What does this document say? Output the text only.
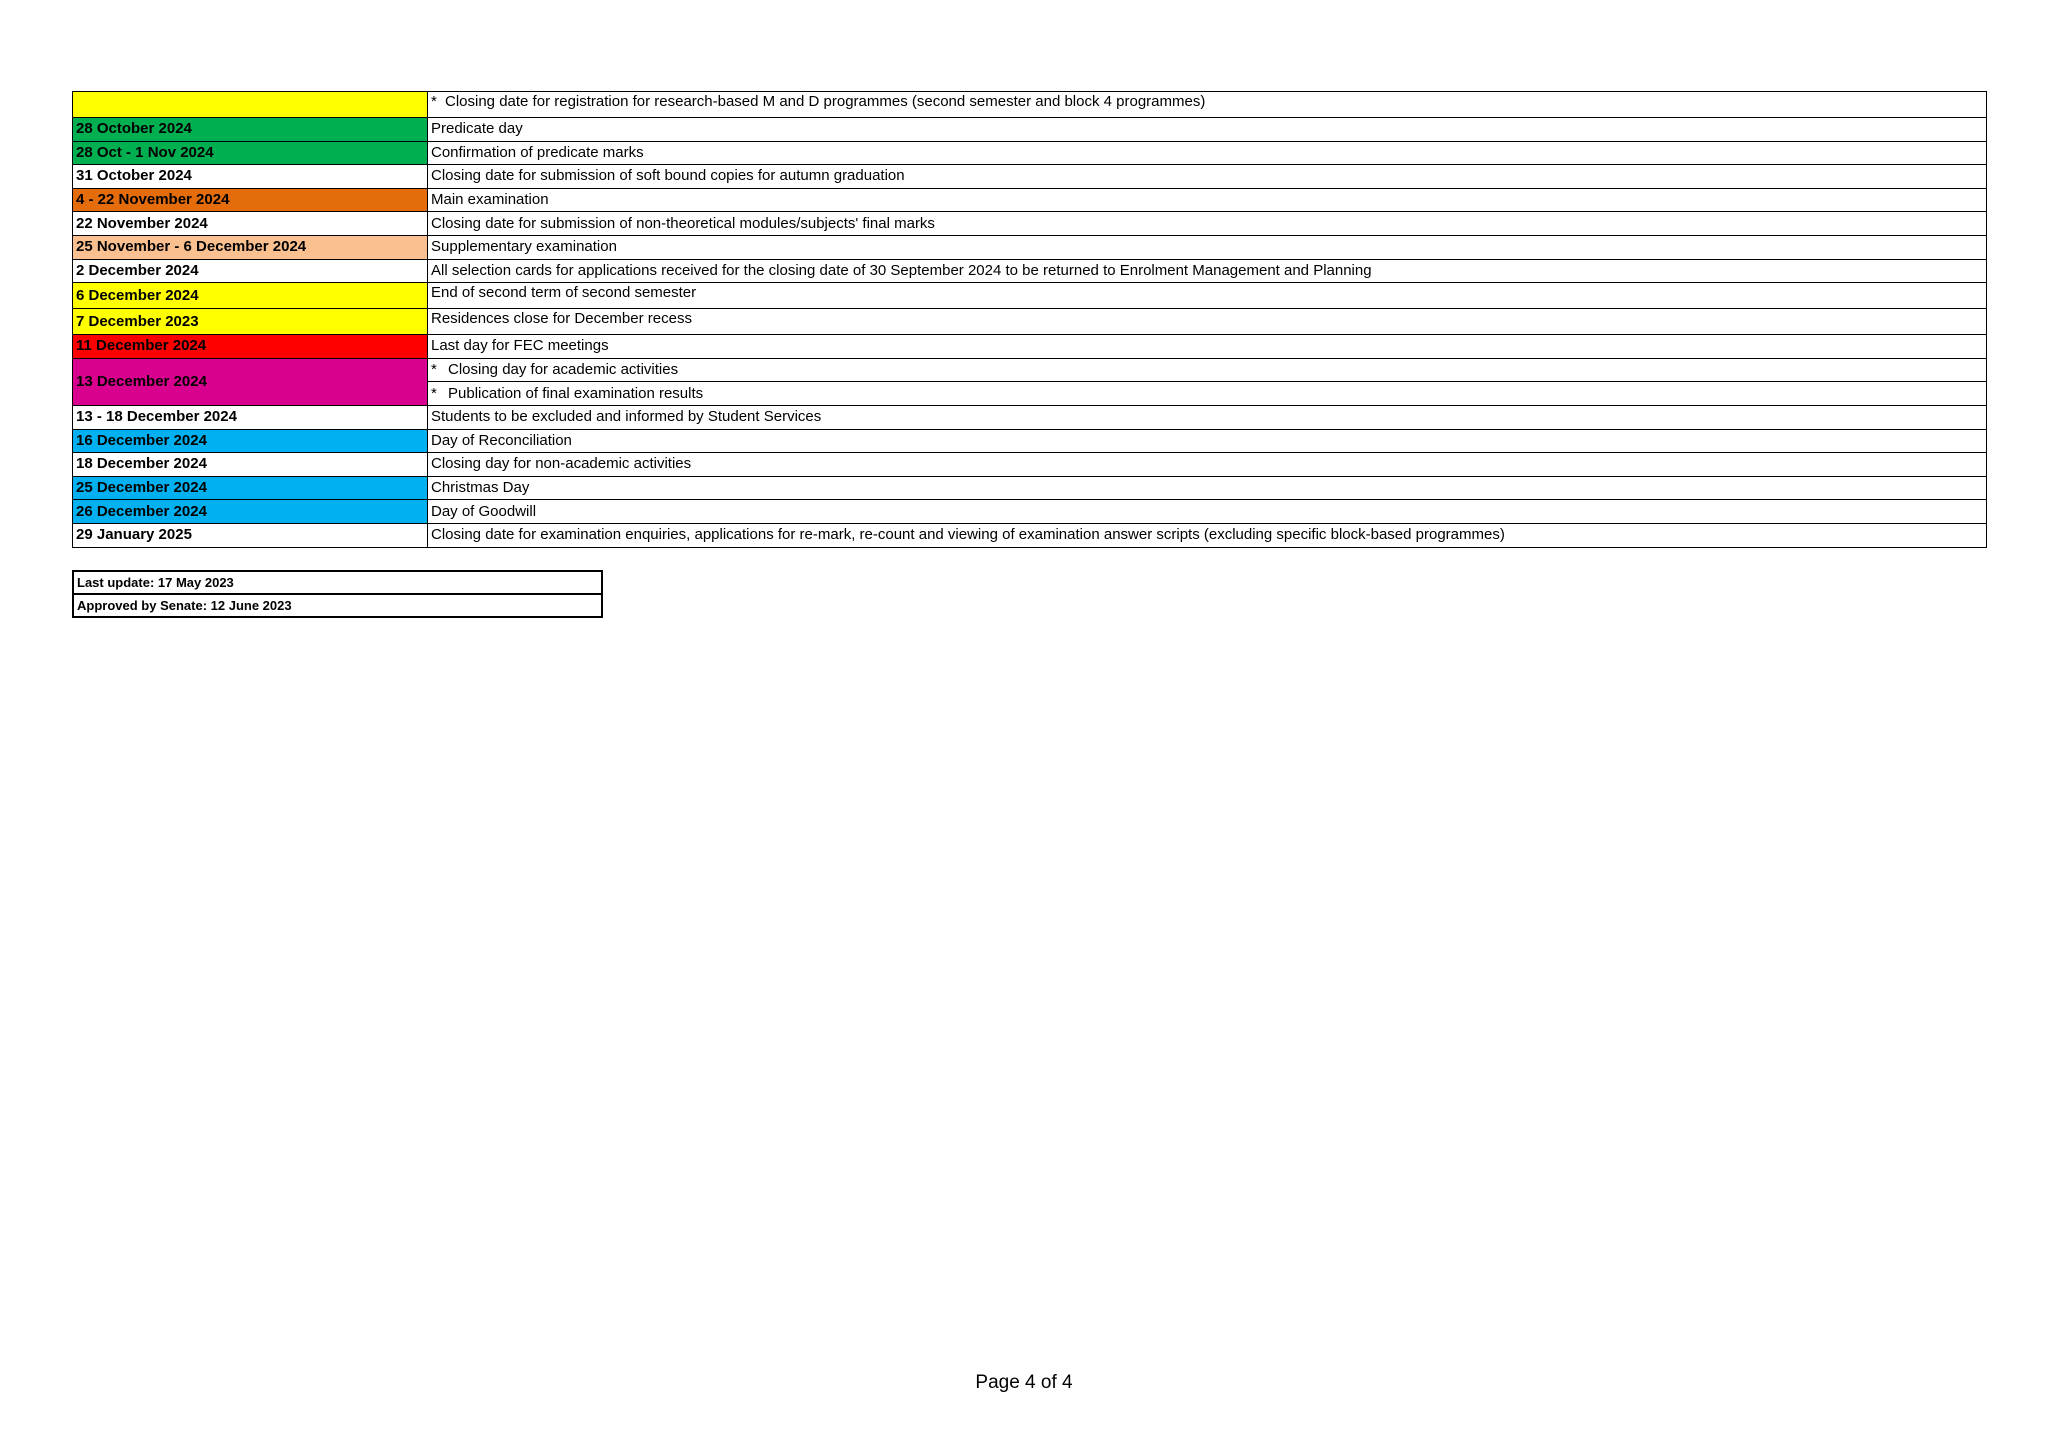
	* Closing date for registration for research-based M and D programmes (second semester and block 4 programmes)
28 October 2024	Predicate day
28 Oct - 1 Nov 2024	Confirmation of predicate marks
31 October 2024	Closing date for submission of soft bound copies for autumn graduation
4 - 22 November 2024	Main examination
22 November 2024	Closing date for submission of non-theoretical modules/subjects' final marks
25 November - 6 December 2024	Supplementary examination
2 December 2024	All selection cards for applications received for the closing date of 30 September 2024 to be returned to Enrolment Management and Planning
6 December 2024	End of second term of second semester
7 December 2023	Residences close for December recess
11 December 2024	Last day for FEC meetings
13 December 2024	* Closing day for academic activities
	* Publication of final examination results
13 - 18 December 2024	Students to be excluded and informed by Student Services
16 December 2024	Day of Reconciliation
18 December 2024	Closing day for non-academic activities
25 December 2024	Christmas Day
26 December 2024	Day of Goodwill
29 January 2025	Closing date for examination enquiries, applications for re-mark, re-count and viewing of examination answer scripts (excluding specific block-based programmes)
Last update: 17 May 2023
Approved by Senate: 12 June 2023
Page 4 of 4
